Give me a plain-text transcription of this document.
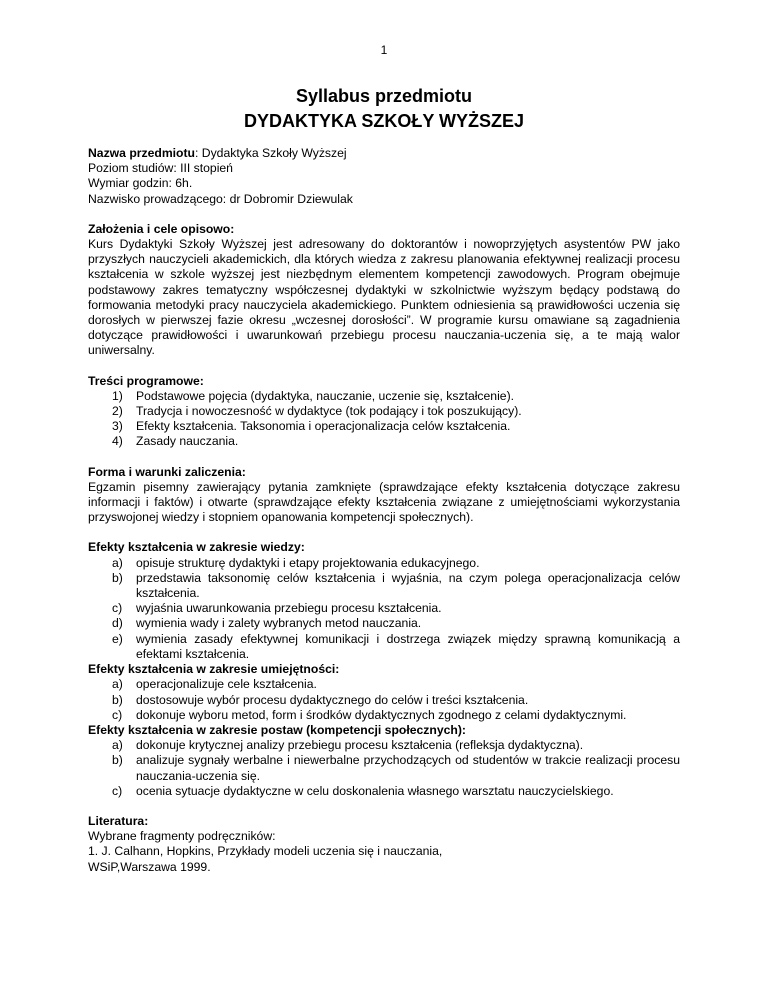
1
Syllabus przedmiotu
DYDAKTYKA SZKOŁY WYŻSZEJ

Nazwa przedmiotu: Dydaktyka Szkoły Wyższej

Poziom studiów: III stopień

Wymiar godzin: 6h.

Nazwisko prowadzącego: dr Dobromir Dziewulak

Założenia i cele opisowo:

Kurs Dydaktyki Szkoły Wyższej jest adresowany do doktorantów i nowoprzyjętych asystentów PW jako przyszłych nauczycieli akademickich, dla których wiedza z zakresu planowania efektywnej realizacji procesu kształcenia w szkole wyższej jest niezbędnym elementem kompetencji zawodowych. Program obejmuje podstawowy zakres tematyczny współczesnej dydaktyki w szkolnictwie wyższym będący podstawą do formowania metodyki pracy nauczyciela akademickiego. Punktem odniesienia są prawidłowości uczenia się dorosłych w pierwszej fazie okresu „wczesnej dorosłości”. W programie kursu omawiane są zagadnienia dotyczące prawidłowości i uwarunkowań przebiegu procesu nauczania-uczenia się, a te mają walor uniwersalny.

Treści programowe:

1) Podstawowe pojęcia (dydaktyka, nauczanie, uczenie się, kształcenie).
2) Tradycja i nowoczesność w dydaktyce (tok podający i tok poszukujący).
3) Efekty kształcenia. Taksonomia i operacjonalizacja celów kształcenia.
4) Zasady nauczania.

Forma i warunki zaliczenia:

Egzamin pisemny zawierający pytania zamknięte (sprawdzające efekty kształcenia dotyczące zakresu informacji i faktów) i otwarte (sprawdzające efekty kształcenia związane z umiejętnościami wykorzystania przyswojonej wiedzy i stopniem opanowania kompetencji społecznych).

Efekty kształcenia w zakresie wiedzy:

a) opisuje strukturę dydaktyki i etapy projektowania edukacyjnego.
b) przedstawia taksonomię celów kształcenia i wyjaśnia, na czym polega operacjonalizacja celów kształcenia.
c) wyjaśnia uwarunkowania przebiegu procesu kształcenia.
d) wymienia wady i zalety wybranych metod nauczania.
e) wymienia zasady efektywnej komunikacji i dostrzega związek między sprawną komunikacją a efektami kształcenia.

Efekty kształcenia w zakresie umiejętności:

a) operacjonalizuje cele kształcenia.
b) dostosowuje wybór procesu dydaktycznego do celów i treści kształcenia.
c) dokonuje wyboru metod, form i środków dydaktycznych zgodnego z celami dydaktycznymi.

Efekty kształcenia w zakresie postaw (kompetencji społecznych):

a) dokonuje krytycznej analizy przebiegu procesu kształcenia (refleksja dydaktyczna).
b) analizuje sygnały werbalne i niewerbalne przychodzących od studentów w trakcie realizacji procesu nauczania-uczenia się.
c) ocenia sytuacje dydaktyczne w celu doskonalenia własnego warsztatu nauczycielskiego.

Literatura:

Wybrane fragmenty podręczników:

1. J. Calhann, Hopkins, Przykłady modeli uczenia się i nauczania,

WSiP,Warszawa 1999.
